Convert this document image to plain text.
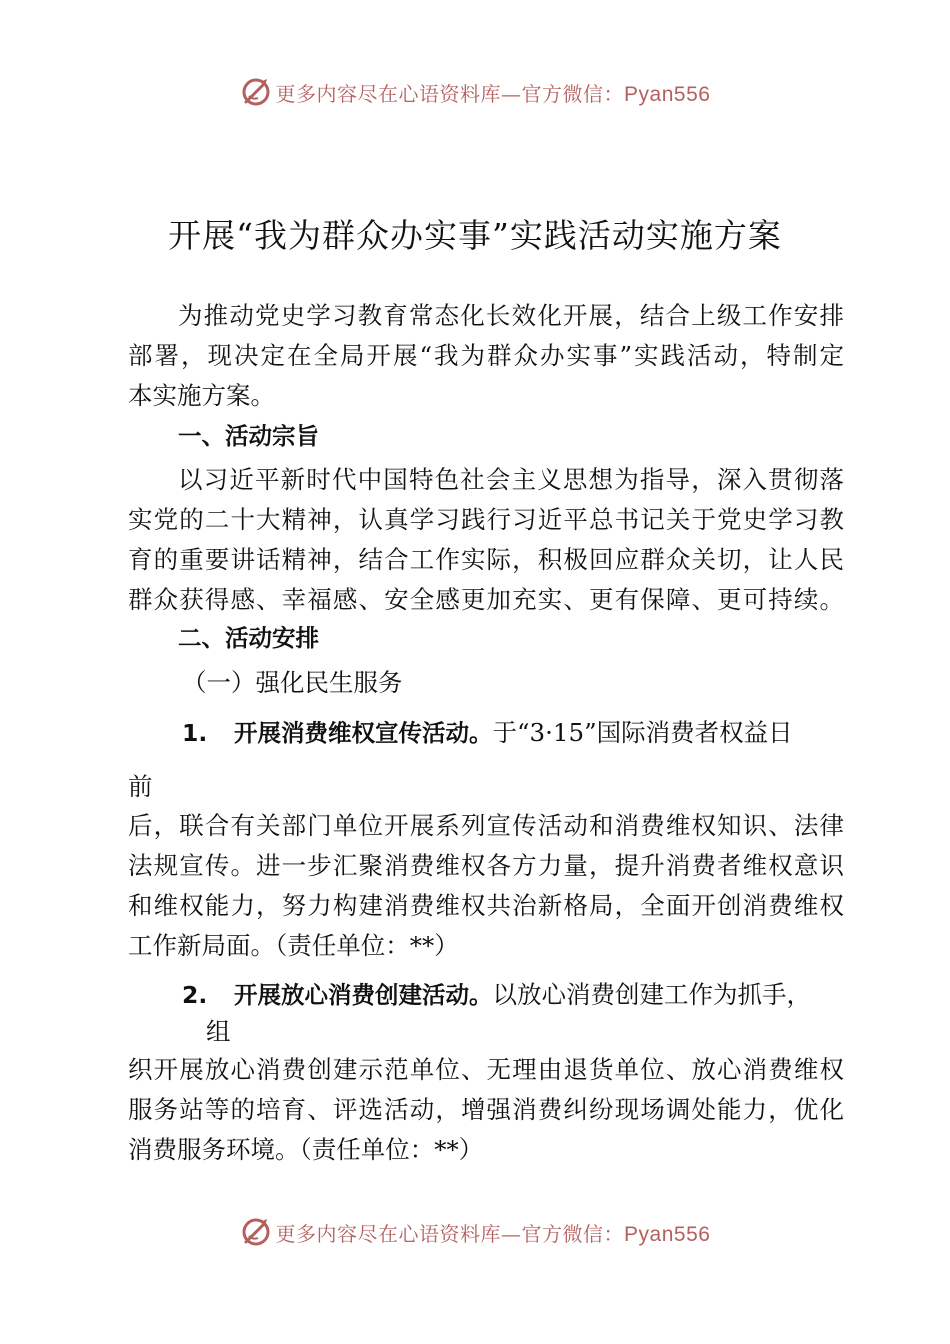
更多内容尽在心语资料库—官方微信：Pyan556
开展“我为群众办实事”实践活动实施方案
为推动党史学习教育常态化长效化开展，结合上级工作安排
部署，现决定在全局开展“我为群众办实事”实践活动，特制定
本实施方案。
一、活动宗旨
以习近平新时代中国特色社会主义思想为指导，深入贯彻落
实党的二十大精神，认真学习践行习近平总书记关于党史学习教
育的重要讲话精神，结合工作实际，积极回应群众关切，让人民
群众获得感、幸福感、安全感更加充实、更有保障、更可持续。
二、活动安排
（一）强化民生服务
1. 开展消费维权宣传活动。于“3·15”国际消费者权益日
前
后，联合有关部门单位开展系列宣传活动和消费维权知识、法律
法规宣传。进一步汇聚消费维权各方力量，提升消费者维权意识
和维权能力，努力构建消费维权共治新格局，全面开创消费维权
工作新局面。（责任单位：**）
2. 开展放心消费创建活动。以放心消费创建工作为抓手，
组
织开展放心消费创建示范单位、无理由退货单位、放心消费维权
服务站等的培育、评选活动，增强消费纠纷现场调处能力，优化
消费服务环境。（责任单位：**）
更多内容尽在心语资料库—官方微信：Pyan556
